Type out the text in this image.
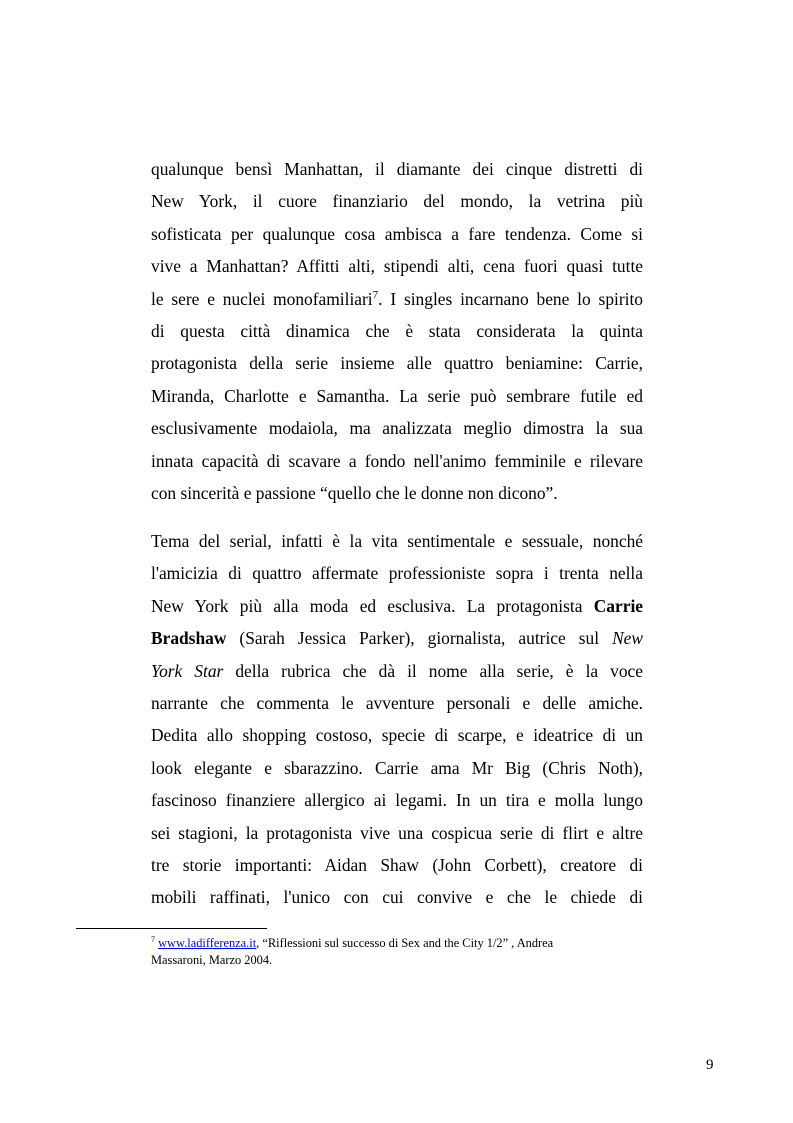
qualunque bensì Manhattan, il diamante dei cinque distretti di
New York, il cuore finanziario del mondo, la vetrina più
sofisticata per qualunque cosa ambisca a fare tendenza. Come si
vive a Manhattan? Affitti alti, stipendi alti, cena fuori quasi tutte
le sere e nuclei monofamiliari$^7$. I singles incarnano bene lo spirito
di questa città dinamica che è stata considerata la quinta
protagonista della serie insieme alle quattro beniamine: Carrie,
Miranda, Charlotte e Samantha. La serie può sembrare futile ed
esclusivamente modaiola, ma analizzata meglio dimostra la sua
innata capacità di scavare a fondo nell'animo femminile e rilevare
con sincerità e passione “quello che le donne non dicono”.
Tema del serial, infatti è la vita sentimentale e sessuale, nonché
l'amicizia di quattro affermate professioniste sopra i trenta nella
New York più alla moda ed esclusiva. La protagonista Carrie
Bradshaw (Sarah Jessica Parker), giornalista, autrice sul New
York Star della rubrica che dà il nome alla serie, è la voce
narrante che commenta le avventure personali e delle amiche.
Dedita allo shopping costoso, specie di scarpe, e ideatrice di un
look elegante e sbarazzino. Carrie ama Mr Big (Chris Noth),
fascinoso finanziere allergico ai legami. In un tira e molla lungo
sei stagioni, la protagonista vive una cospicua serie di flirt e altre
tre storie importanti: Aidan Shaw (John Corbett), creatore di
mobili raffinati, l'unico con cui convive e che le chiede di

$^7$ www.ladifferenza.it, “Riflessioni sul successo di Sex and the City 1/2” , Andrea
Massaroni, Marzo 2004.

9
